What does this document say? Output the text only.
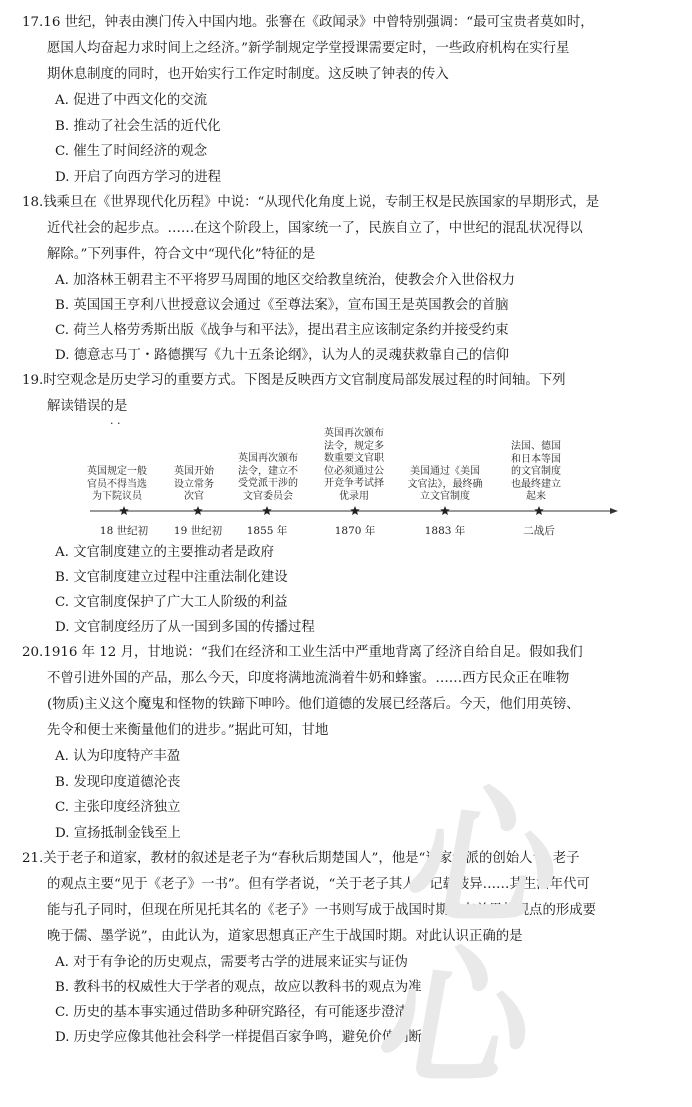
17.16 世纪，钟表由澳门传入中国内地。张謇在《政闻录》中曾特别强调：“最可宝贵者莫如时，

愿国人均奋起力求时间上之经济。”新学制规定学堂授课需要定时，一些政府机构在实行星

期休息制度的同时，也开始实行工作定时制度。这反映了钟表的传入

A. 促进了中西文化的交流
B. 推动了社会生活的近代化
C. 催生了时间经济的观念
D. 开启了向西方学习的进程

18.钱乘旦在《世界现代化历程》中说：“从现代化角度上说，专制王权是民族国家的早期形式，是

近代社会的起步点。……在这个阶段上，国家统一了，民族自立了，中世纪的混乱状况得以

解除。”下列事件，符合文中“现代化”特征的是

A. 加洛林王朝君主不平将罗马周围的地区交给教皇统治，使教会介入世俗权力
B. 英国国王亨利八世授意议会通过《至尊法案》，宣布国王是英国教会的首脑
C. 荷兰人格劳秀斯出版《战争与和平法》，提出君主应该制定条约并接受约束
D. 德意志马丁・路德撰写《九十五条论纲》，认为人的灵魂获救靠自己的信仰

19.时空观念是历史学习的重要方式。下图是反映西方文官制度局部发展过程的时间轴。下列

解读错误的是

· ·
英国规定一般
官员不得当选
为下院议员
英国开始
设立常务
次官
英国再次颁布
法令，建立不
受党派干涉的
文官委员会
英国再次颁布
法令，规定多
数重要文官职
位必须通过公
开竞争考试择
优录用
美国通过《美国
文官法》，最终确
立文官制度
法国、德国
和日本等国
的文官制度
也最终建立
起来
18 世纪初	19 世纪初	1855 年	1870 年	1883 年	二战后
A. 文官制度建立的主要推动者是政府
B. 文官制度建立过程中注重法制化建设
C. 文官制度保护了广大工人阶级的利益
D. 文官制度经历了从一国到多国的传播过程

20.1916 年 12 月，甘地说：“我们在经济和工业生活中严重地背离了经济自给自足。假如我们

不曾引进外国的产品，那么今天，印度将满地流淌着牛奶和蜂蜜。……西方民众正在唯物

(物质)主义这个魔鬼和怪物的铁蹄下呻吟。他们道德的发展已经落后。今天，他们用英镑、

先令和便士来衡量他们的进步。”据此可知，甘地

A. 认为印度特产丰盈
B. 发现印度道德沦丧
C. 主张印度经济独立
D. 宣扬抵制金钱至上

21.关于老子和道家，教材的叙述是老子为“春秋后期楚国人”，他是“道家学派的创始人”，老子

的观点主要“见于《老子》一书”。但有学者说，“关于老子其人，记载歧异……其生活年代可

能与孔子同时，但现在所见托其名的《老子》一书则写成于战国时期，有关思想观点的形成要

晚于儒、墨学说”，由此认为，道家思想真正产生于战国时期。对此认识正确的是

A. 对于有争论的历史观点，需要考古学的进展来证实与证伪
B. 教科书的权威性大于学者的观点，故应以教科书的观点为准
C. 历史的基本事实通过借助多种研究路径，有可能逐步澄清
D. 历史学应像其他社会科学一样提倡百家争鸣，避免价值判断
心心
